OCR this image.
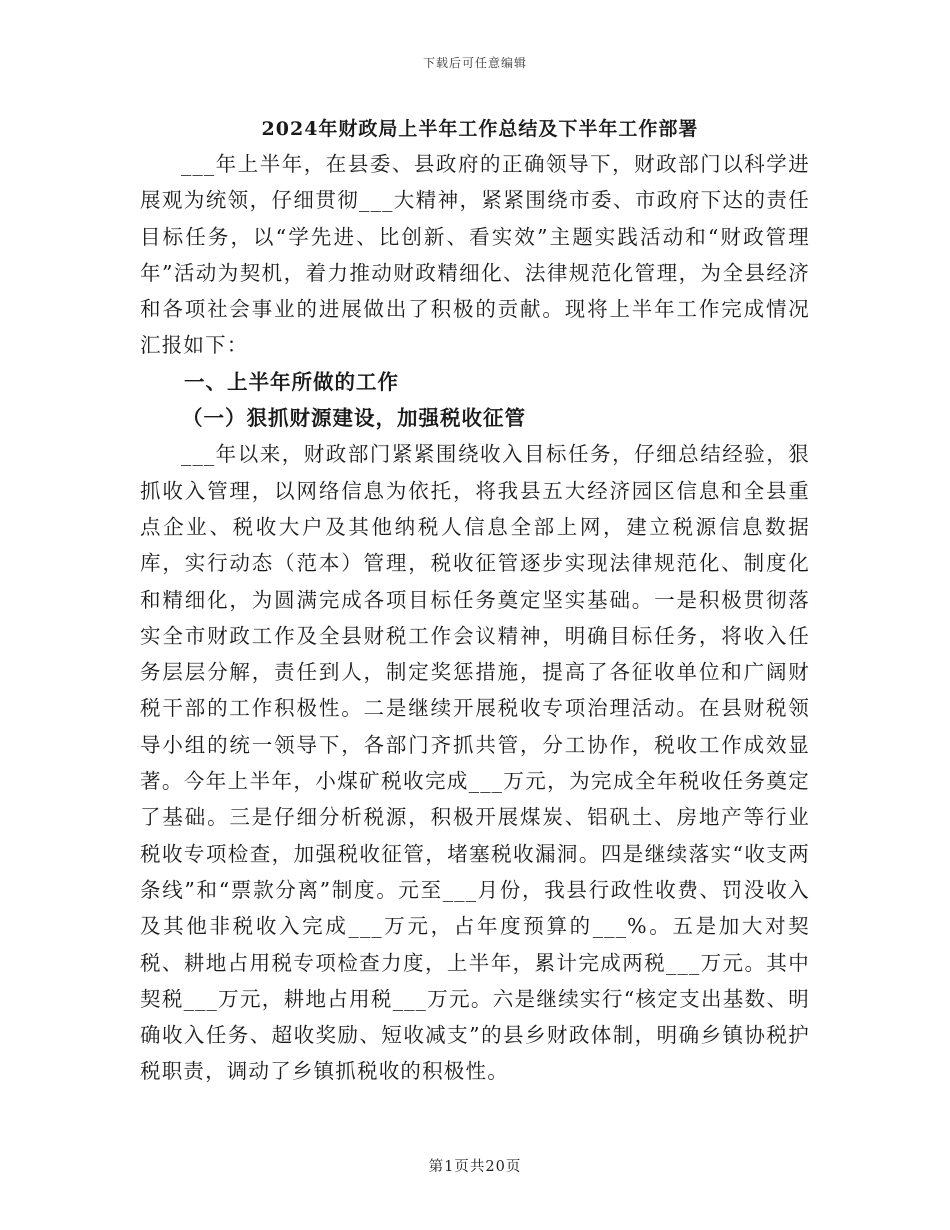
下载后可任意编辑
2024年财政局上半年工作总结及下半年工作部署

___年上半年，在县委、县政府的正确领导下，财政部门以科学进展观为统领，仔细贯彻___大精神，紧紧围绕市委、市政府下达的责任目标任务，以“学先进、比创新、看实效”主题实践活动和“财政管理年”活动为契机，着力推动财政精细化、法律规范化管理，为全县经济和各项社会事业的进展做出了积极的贡献。现将上半年工作完成情况汇报如下：

一、上半年所做的工作

（一）狠抓财源建设，加强税收征管

___年以来，财政部门紧紧围绕收入目标任务，仔细总结经验，狠抓收入管理，以网络信息为依托，将我县五大经济园区信息和全县重点企业、税收大户及其他纳税人信息全部上网，建立税源信息数据库，实行动态（范本）管理，税收征管逐步实现法律规范化、制度化和精细化，为圆满完成各项目标任务奠定坚实基础。一是积极贯彻落实全市财政工作及全县财税工作会议精神，明确目标任务，将收入任务层层分解，责任到人，制定奖惩措施，提高了各征收单位和广阔财税干部的工作积极性。二是继续开展税收专项治理活动。在县财税领导小组的统一领导下，各部门齐抓共管，分工协作，税收工作成效显著。今年上半年，小煤矿税收完成___万元，为完成全年税收任务奠定了基础。三是仔细分析税源，积极开展煤炭、铝矾土、房地产等行业税收专项检查，加强税收征管，堵塞税收漏洞。四是继续落实“收支两条线”和“票款分离”制度。元至___月份，我县行政性收费、罚没收入及其他非税收入完成___万元，占年度预算的___%。五是加大对契税、耕地占用税专项检查力度，上半年，累计完成两税___万元。其中契税___万元，耕地占用税___万元。六是继续实行“核定支出基数、明确收入任务、超收奖励、短收减支”的县乡财政体制，明确乡镇协税护税职责，调动了乡镇抓税收的积极性。

第1页共20页
